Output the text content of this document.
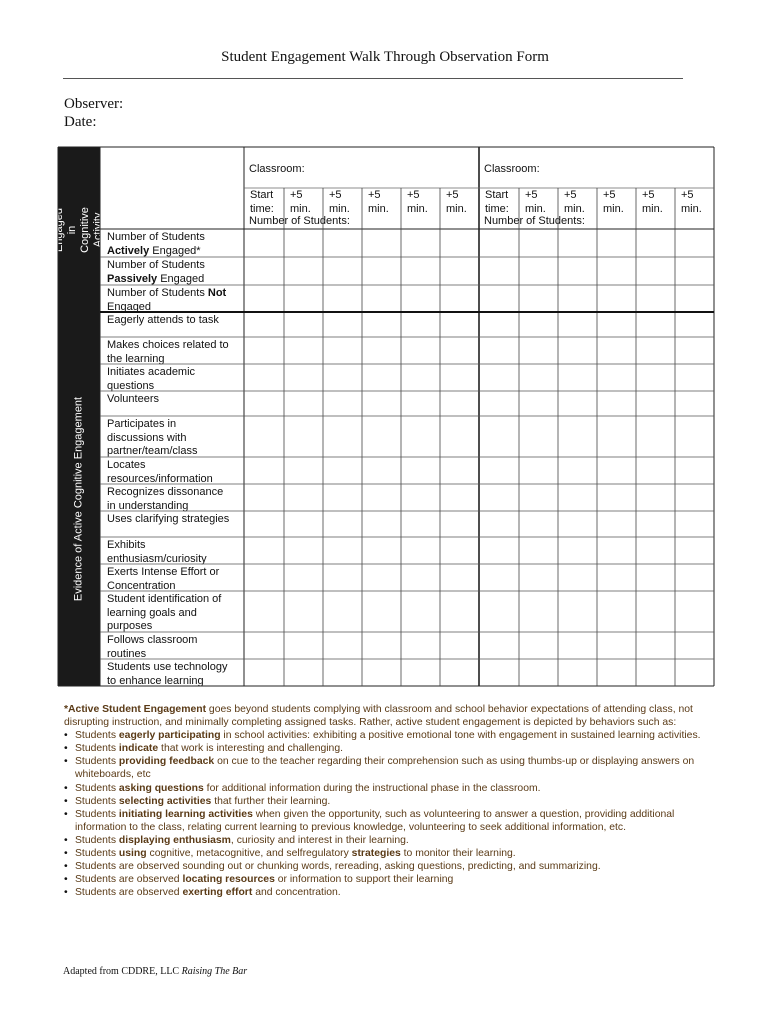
Student Engagement Walk Through Observation Form
Observer:
Date:
Engaged in Cognitive
Activity
Evidence of Active Cognitive Engagement

Classroom:

Number of Students:

Classroom:

Number of Students:

Start
time:
+5
min.
+5
min.
+5
min.
+5
min.
+5
min.
Start
time:
+5
min.
+5
min.
+5
min.
+5
min.
+5
min.
Number of Students
Actively Engaged*
Number of Students
Passively Engaged
Number of Students Not
Engaged
Eagerly attends to task
Makes choices related to
the learning
Initiates academic
questions
Volunteers
Participates in
discussions with
partner/team/class
Locates
resources/information
Recognizes dissonance
in understanding
Uses clarifying strategies
Exhibits
enthusiasm/curiosity
Exerts Intense Effort or
Concentration
Student identification of
learning goals and
purposes
Follows classroom
routines
Students use technology
to enhance learning
*Active Student Engagement goes beyond students complying with classroom and school behavior expectations of attending class, not disrupting instruction, and minimally completing assigned tasks. Rather, active student engagement is depicted by behaviors such as:
• Students eagerly participating in school activities: exhibiting a positive emotional tone with engagement in sustained learning activities.
• Students indicate that work is interesting and challenging.
• Students providing feedback on cue to the teacher regarding their comprehension such as using thumbs-up or displaying answers on whiteboards, etc
• Students asking questions for additional information during the instructional phase in the classroom.
• Students selecting activities that further their learning.
• Students initiating learning activities when given the opportunity, such as volunteering to answer a question, providing additional information to the class, relating current learning to previous knowledge, volunteering to seek additional information, etc.
• Students displaying enthusiasm, curiosity and interest in their learning.
• Students using cognitive, metacognitive, and selfregulatory strategies to monitor their learning.
• Students are observed sounding out or chunking words, rereading, asking questions, predicting, and summarizing.
• Students are observed locating resources or information to support their learning
• Students are observed exerting effort and concentration.
Adapted from CDDRE, LLC Raising The Bar
